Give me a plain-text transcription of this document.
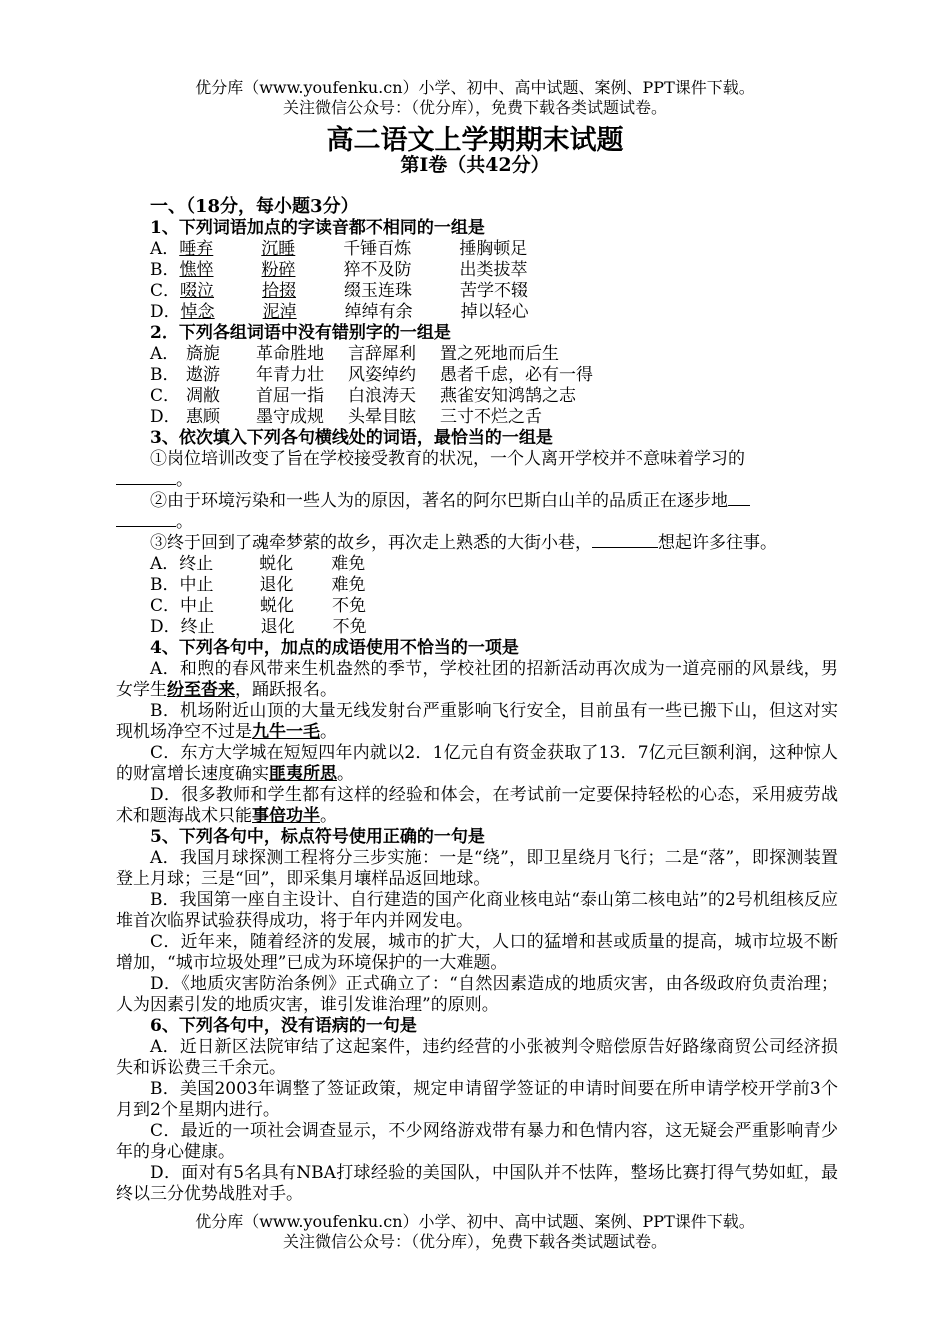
优分库（www.youfenku.cn）小学、初中、高中试题、案例、PPT课件下载。
关注微信公众号：（优分库），免费下载各类试题试卷。
高二语文上学期期末试题
第Ⅰ卷（共42分）
一、（18分，每小题3分）
1、下列词语加点的字读音都不相同的一组是
A．唾弃	沉睡	千锤百炼	捶胸顿足
B．憔悴	粉碎	猝不及防	出类拔萃
C．啜泣	拾掇	缀玉连珠	苦学不辍
D．悼念	泥淖	绰绰有余	掉以轻心
2．下列各组词语中没有错别字的一组是
A． 旖旎 革命胜地 言辞犀利 置之死地而后生
B． 遨游 年青力壮 风姿绰约 愚者千虑，必有一得
C． 凋敝 首屈一指 白浪涛天 燕雀安知鸿鹄之志
D． 惠顾 墨守成规 头晕目眩 三寸不烂之舌
3、依次填入下列各句横线处的词语，最恰当的一组是
①岗位培训改变了旨在学校接受教育的状况，一个人离开学校并不意味着学习的
。
②由于环境污染和一些人为的原因，著名的阿尔巴斯白山羊的品质正在逐步地
。
③终于回到了魂牵梦萦的故乡，再次走上熟悉的大街小巷，	想起许多往事。
A．终止	蜕化 难免
B．中止	退化 难免
C．中止	蜕化 不免
D．终止	退化 不免
4、下列各句中，加点的成语使用不恰当的一项是
A．和煦的春风带来生机盎然的季节，学校社团的招新活动再次成为一道亮丽的风景线，男女学生纷至沓来，踊跃报名。
B．机场附近山顶的大量无线发射台严重影响飞行安全，目前虽有一些已搬下山，但这对实现机场净空不过是九牛一毛。
C．东方大学城在短短四年内就以2．1亿元自有资金获取了13．7亿元巨额利润，这种惊人的财富增长速度确实匪夷所思。
D．很多教师和学生都有这样的经验和体会，在考试前一定要保持轻松的心态，采用疲劳战术和题海战术只能事倍功半。
5、下列各句中，标点符号使用正确的一句是
A．我国月球探测工程将分三步实施：一是“绕”，即卫星绕月飞行；二是“落”，即探测装置登上月球；三是“回”，即采集月壤样品返回地球。
B．我国第一座自主设计、自行建造的国产化商业核电站“泰山第二核电站”的2号机组核反应堆首次临界试验获得成功，将于年内并网发电。
C．近年来，随着经济的发展，城市的扩大，人口的猛增和甚或质量的提高，城市垃圾不断增加，“城市垃圾处理”已成为环境保护的一大难题。
D．《地质灾害防治条例》正式确立了：“自然因素造成的地质灾害，由各级政府负责治理；人为因素引发的地质灾害，谁引发谁治理”的原则。
6、下列各句中，没有语病的一句是
A．近日新区法院审结了这起案件，违约经营的小张被判令赔偿原告好路缘商贸公司经济损失和诉讼费三千余元。
B．美国2003年调整了签证政策，规定申请留学签证的申请时间要在所申请学校开学前3个月到2个星期内进行。
C．最近的一项社会调查显示，不少网络游戏带有暴力和色情内容，这无疑会严重影响青少年的身心健康。
D．面对有5名具有NBA打球经验的美国队，中国队并不怯阵，整场比赛打得气势如虹，最终以三分优势战胜对手。
优分库（www.youfenku.cn）小学、初中、高中试题、案例、PPT课件下载。
关注微信公众号：（优分库），免费下载各类试题试卷。
